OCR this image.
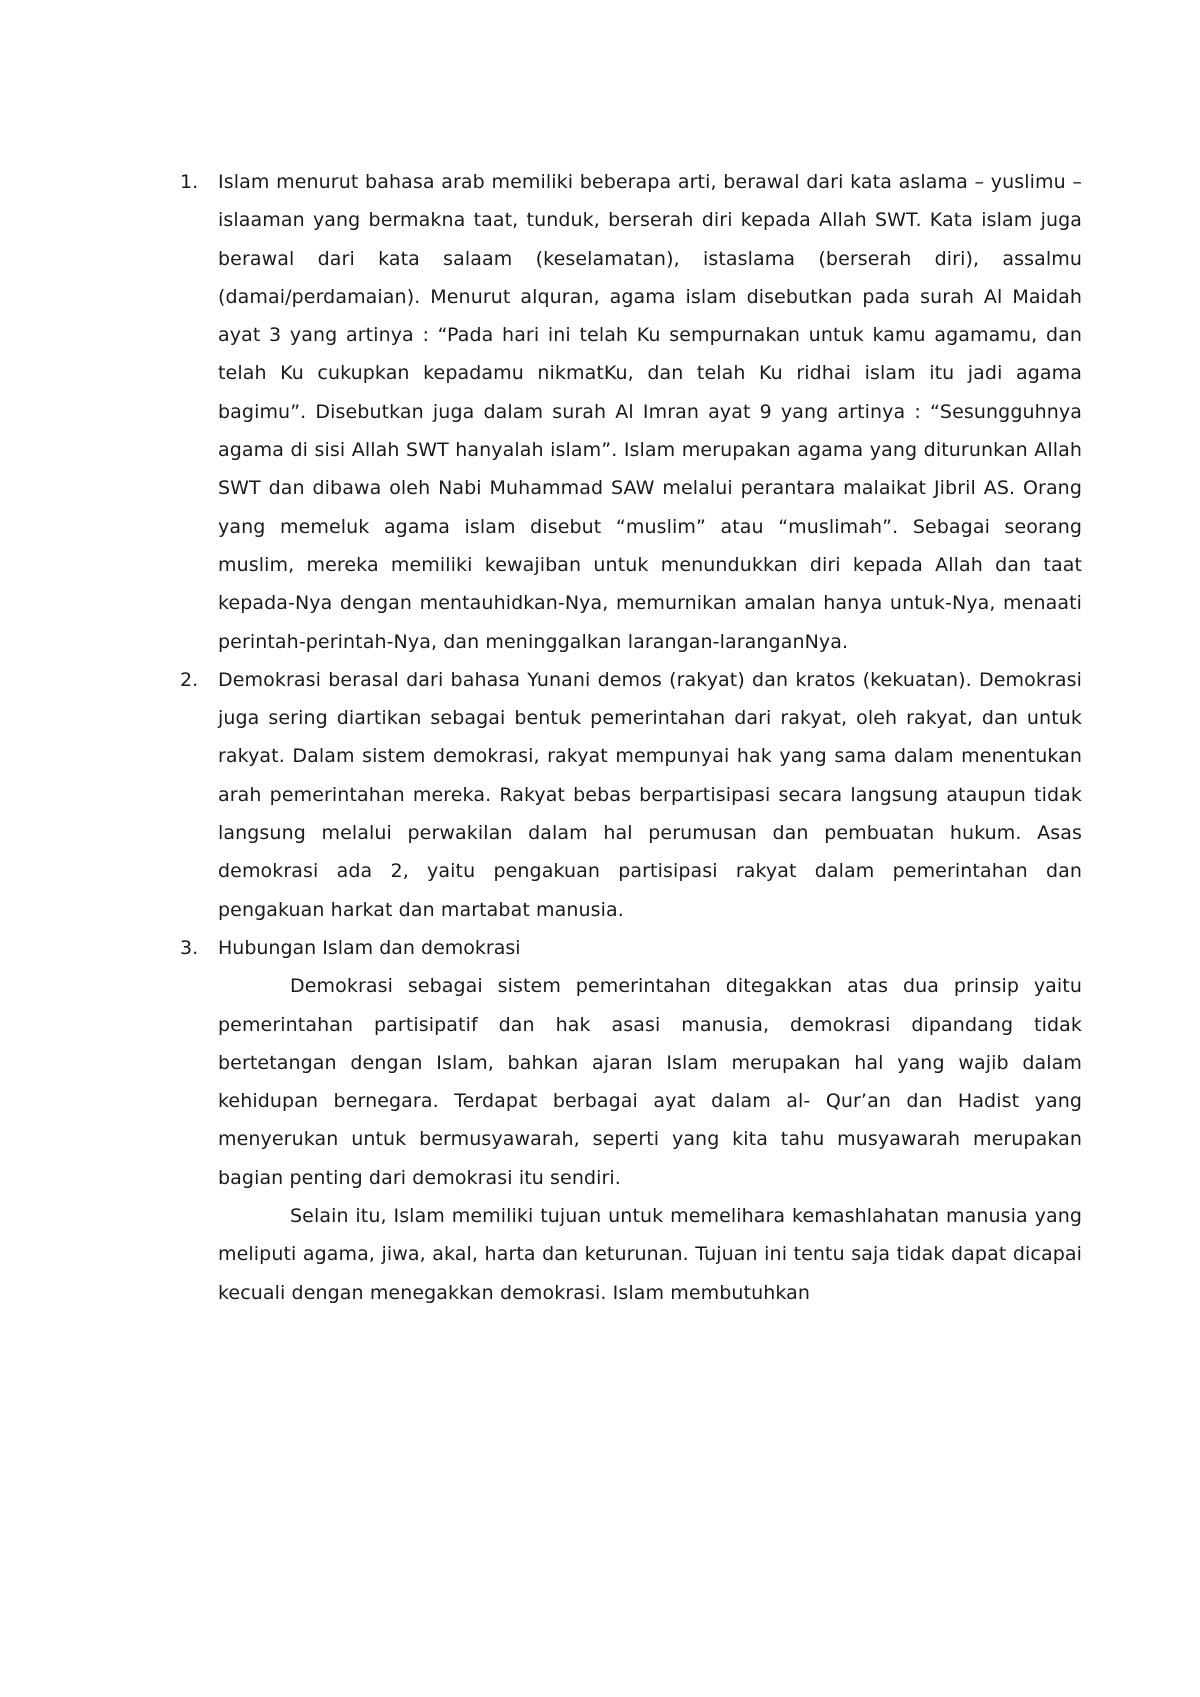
1.	Islam menurut bahasa arab memiliki beberapa arti, berawal dari kata aslama – yuslimu – islaaman yang bermakna taat, tunduk, berserah diri kepada Allah SWT. Kata islam juga berawal dari kata salaam (keselamatan), istaslama (berserah diri), assalmu (damai/perdamaian). Menurut alquran, agama islam disebutkan pada surah Al Maidah ayat 3 yang artinya : “Pada hari ini telah Ku sempurnakan untuk kamu agamamu, dan telah Ku cukupkan kepadamu nikmatKu, dan telah Ku ridhai islam itu jadi agama bagimu”. Disebutkan juga dalam surah Al Imran ayat 9 yang artinya : “Sesungguhnya agama di sisi Allah SWT hanyalah islam”. Islam merupakan agama yang diturunkan Allah SWT dan dibawa oleh Nabi Muhammad SAW melalui perantara malaikat Jibril AS. Orang yang memeluk agama islam disebut “muslim” atau “muslimah”. Sebagai seorang muslim, mereka memiliki kewajiban untuk menundukkan diri kepada Allah dan taat kepada-Nya dengan mentauhidkan-Nya, memurnikan amalan hanya untuk-Nya, menaati perintah-perintah-Nya, dan meninggalkan larangan-laranganNya.

2.	Demokrasi berasal dari bahasa Yunani demos (rakyat) dan kratos (kekuatan). Demokrasi juga sering diartikan sebagai bentuk pemerintahan dari rakyat, oleh rakyat, dan untuk rakyat. Dalam sistem demokrasi, rakyat mempunyai hak yang sama dalam menentukan arah pemerintahan mereka. Rakyat bebas berpartisipasi secara langsung ataupun tidak langsung melalui perwakilan dalam hal perumusan dan pembuatan hukum. Asas demokrasi ada 2, yaitu pengakuan partisipasi rakyat dalam pemerintahan dan pengakuan harkat dan martabat manusia.

3.	Hubungan Islam dan demokrasi

Demokrasi sebagai sistem pemerintahan ditegakkan atas dua prinsip yaitu pemerintahan partisipatif dan hak asasi manusia, demokrasi dipandang tidak bertetangan dengan Islam, bahkan ajaran Islam merupakan hal yang wajib dalam kehidupan bernegara. Terdapat berbagai ayat dalam al- Qur’an dan Hadist yang menyerukan untuk bermusyawarah, seperti yang kita tahu musyawarah merupakan bagian penting dari demokrasi itu sendiri.

Selain itu, Islam memiliki tujuan untuk memelihara kemashlahatan manusia yang meliputi agama, jiwa, akal, harta dan keturunan. Tujuan ini tentu saja tidak dapat dicapai kecuali dengan menegakkan demokrasi. Islam membutuhkan
